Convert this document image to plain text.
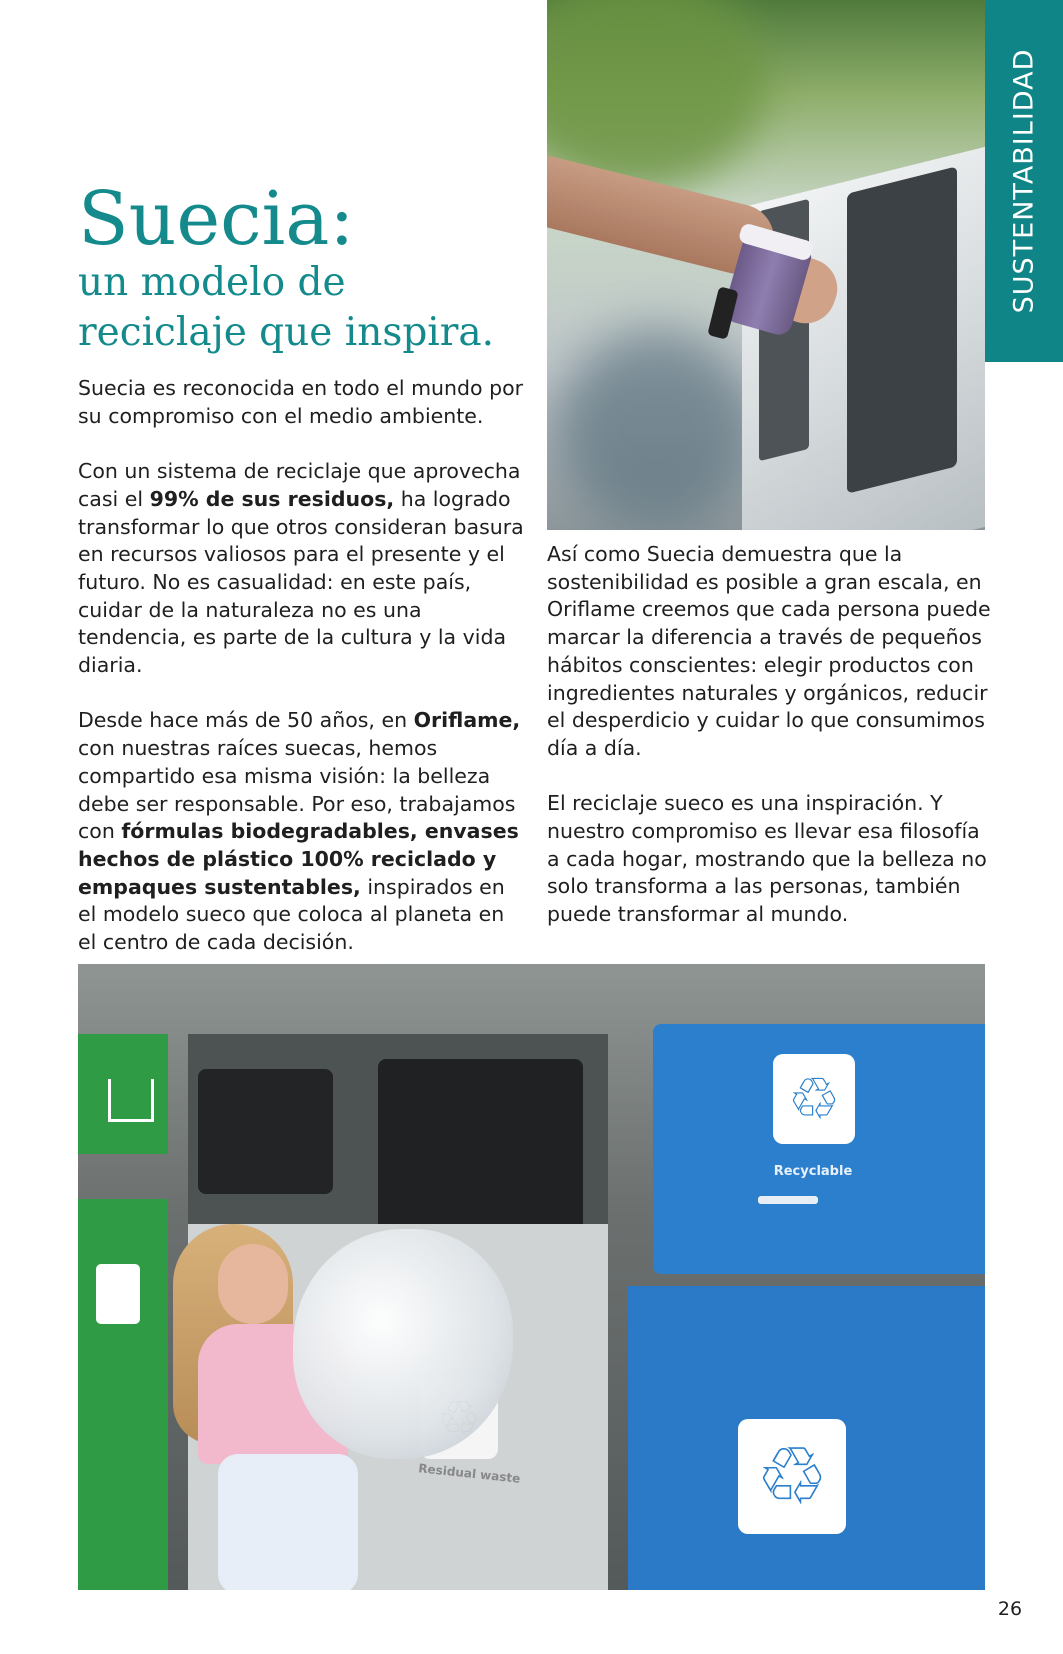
SUSTENTABILIDAD
Suecia:
un modelo de reciclaje que inspira.

Suecia es reconocida en todo el mundo por su compromiso con el medio ambiente.

Con un sistema de reciclaje que aprovecha casi el 99% de sus residuos, ha logrado transformar lo que otros consideran basura en recursos valiosos para el presente y el futuro. No es casualidad: en este país, cuidar de la naturaleza no es una tendencia, es parte de la cultura y la vida diaria.

Desde hace más de 50 años, en Oriflame, con nuestras raíces suecas, hemos compartido esa misma visión: la belleza debe ser responsable. Por eso, trabajamos con fórmulas biodegradables, envases hechos de plástico 100% reciclado y empaques sustentables, inspirados en el modelo sueco que coloca al planeta en el centro de cada decisión.

Así como Suecia demuestra que la sostenibilidad es posible a gran escala, en Oriflame creemos que cada persona puede marcar la diferencia a través de pequeños hábitos conscientes: elegir productos con ingredientes naturales y orgánicos, reducir el desperdicio y cuidar lo que consumimos día a día.

El reciclaje sueco es una inspiración. Y nuestro compromiso es llevar esa filosofía a cada hogar, mostrando que la belleza no solo transforma a las personas, también puede transformar al mundo.

Residual waste
♲
Recyclable
♲
26
